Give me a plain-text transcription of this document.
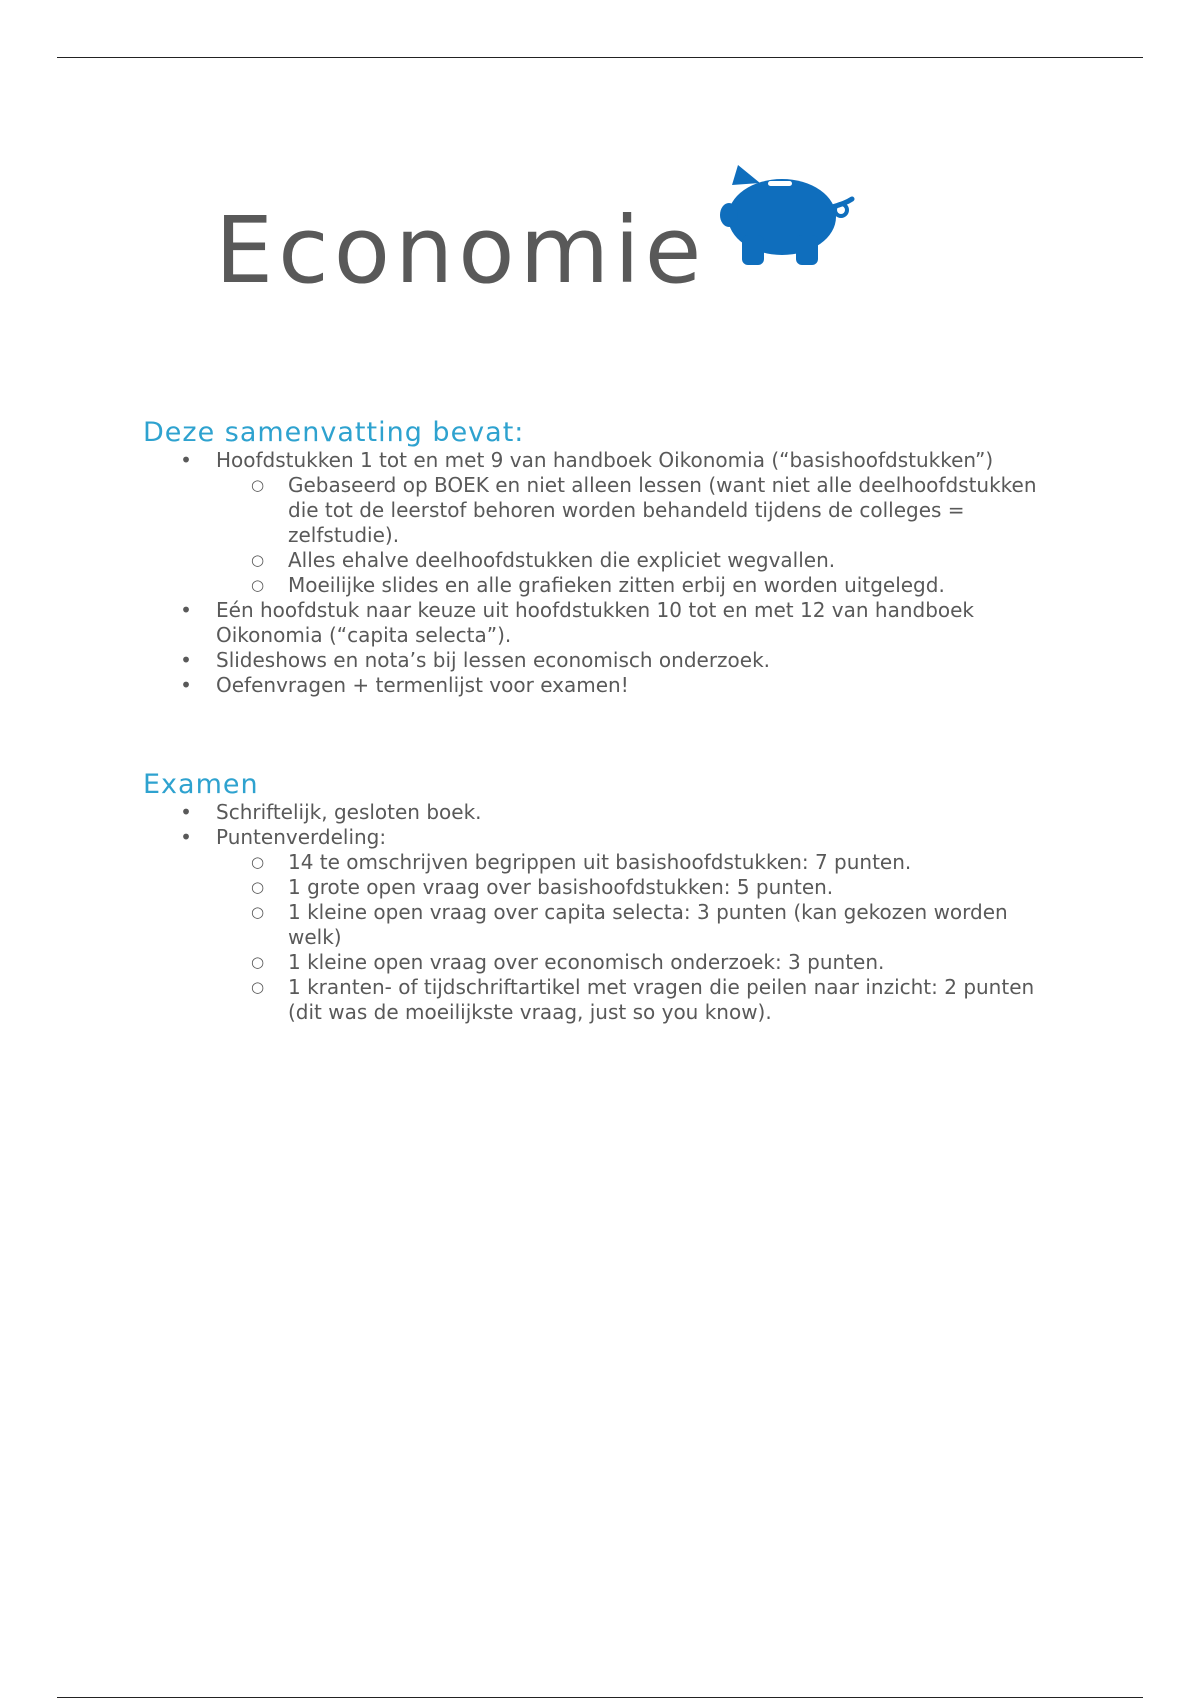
Economie
Deze samenvatting bevat:
• Hoofdstukken 1 tot en met 9 van handboek Oikonomia (“basishoofdstukken”)
○ Gebaseerd op BOEK en niet alleen lessen (want niet alle deelhoofdstukken die tot de leerstof behoren worden behandeld tijdens de colleges = zelfstudie).
○ Alles ehalve deelhoofdstukken die expliciet wegvallen.
○ Moeilijke slides en alle grafieken zitten erbij en worden uitgelegd.
• Eén hoofdstuk naar keuze uit hoofdstukken 10 tot en met 12 van handboek Oikonomia (“capita selecta”).
• Slideshows en nota’s bij lessen economisch onderzoek.
• Oefenvragen + termenlijst voor examen!
Examen
• Schriftelijk, gesloten boek.
• Puntenverdeling:
○ 14 te omschrijven begrippen uit basishoofdstukken: 7 punten.
○ 1 grote open vraag over basishoofdstukken: 5 punten.
○ 1 kleine open vraag over capita selecta: 3 punten (kan gekozen worden welk)
○ 1 kleine open vraag over economisch onderzoek: 3 punten.
○ 1 kranten- of tijdschriftartikel met vragen die peilen naar inzicht: 2 punten (dit was de moeilijkste vraag, just so you know).
